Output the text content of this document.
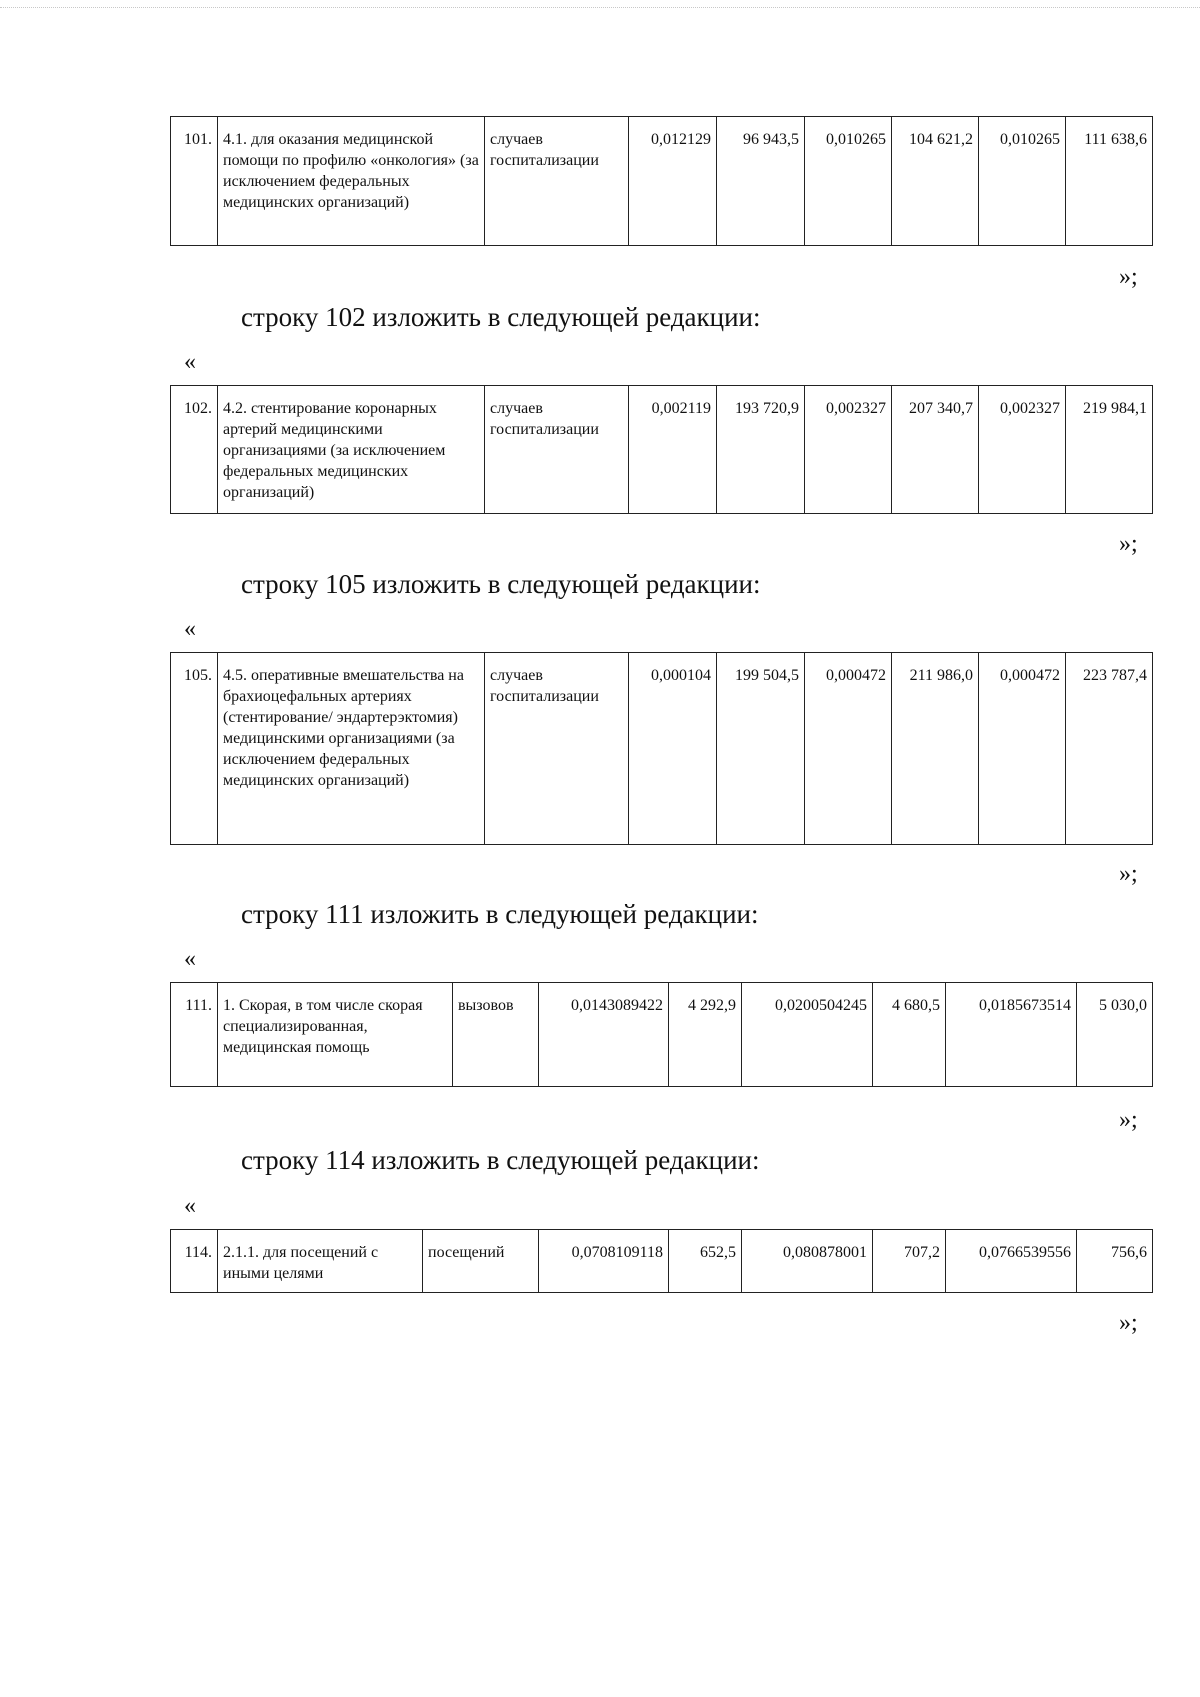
101.	4.1. для оказания медицинской помощи по профилю «онкология» (за исключением федеральных медицинских организаций)	случаев госпитализации	0,012129	96 943,5	0,010265	104 621,2	0,010265	111 638,6
»;
строку 102 изложить в следующей редакции:
«
102.	4.2. стентирование коронарных артерий медицинскими организациями (за исключением федеральных медицинских организаций)	случаев госпитализации	0,002119	193 720,9	0,002327	207 340,7	0,002327	219 984,1
»;
строку 105 изложить в следующей редакции:
«
105.	4.5. оперативные вмешательства на брахиоцефальных артериях (стентирование/ эндартерэктомия) медицинскими организациями (за исключением федеральных медицинских организаций)	случаев госпитализации	0,000104	199 504,5	0,000472	211 986,0	0,000472	223 787,4
»;
строку 111 изложить в следующей редакции:
«
111.	1. Скорая, в том числе скорая специализированная, медицинская помощь	вызовов	0,0143089422	4 292,9	0,0200504245	4 680,5	0,0185673514	5 030,0
»;
строку 114 изложить в следующей редакции:
«
114.	2.1.1. для посещений с иными целями	посещений	0,0708109118	652,5	0,080878001	707,2	0,0766539556	756,6
»;
